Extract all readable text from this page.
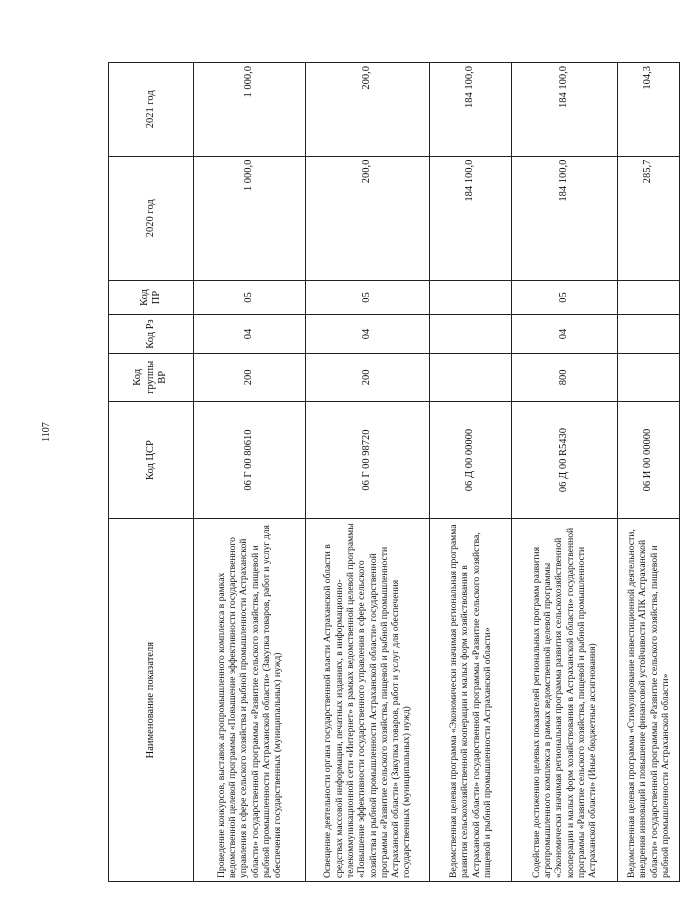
1107
Наименование показателя	Код ЦСР	Код группы ВР	Код Рз	Код ПР	2020 год	2021 год
Проведение конкурсов, выставок агропромышленного комплекса в рамках ведомственной целевой программы «Повышение эффективности государственного управления в сфере сельского хозяйства и рыбной промышленности Астраханской области» государственной программы «Развитие сельского хозяйства, пищевой и рыбной промышленности Астраханской области» (Закупка товаров, работ и услуг для обеспечения государственных (муниципальных) нужд)	06 Г 00 80610	200	04	05	1 000,0	1 000,0
Освещение деятельности органа государственной власти Астраханской области в средствах массовой информации, печатных изданиях, в информационно-телекоммуникационной сети «Интернет» в рамках ведомственной целевой программы «Повышение эффективности государственного управления в сфере сельского хозяйства и рыбной промышленности Астраханской области» государственной программы «Развитие сельского хозяйства, пищевой и рыбной промышленности Астраханской области» (Закупка товаров, работ и услуг для обеспечения государственных (муниципальных) нужд)	06 Г 00 98720	200	04	05	200,0	200,0
Ведомственная целевая программа «Экономически значимая региональная программа развития сельскохозяйственной кооперации и малых форм хозяйствования в Астраханской области» государственной программы «Развитие сельского хозяйства, пищевой и рыбной промышленности Астраханской области»	06 Д 00 00000				184 100,0	184 100,0
Содействие достижению целевых показателей региональных программ развития агропромышленного комплекса в рамках ведомственной целевой программы «Экономически значимая региональная программа развития сельскохозяйственной кооперации и малых форм хозяйствования в Астраханской области» государственной программы «Развитие сельского хозяйства, пищевой и рыбной промышленности Астраханской области» (Иные бюджетные ассигнования)	06 Д 00 R5430	800	04	05	184 100,0	184 100,0
Ведомственная целевая программа «Стимулирование инвестиционной деятельности, внедрения инноваций и повышение финансовой устойчивости АПК Астраханской области» государственной программы «Развитие сельского хозяйства, пищевой и рыбной промышленности Астраханской области»	06 И 00 00000				285,7	104,3
